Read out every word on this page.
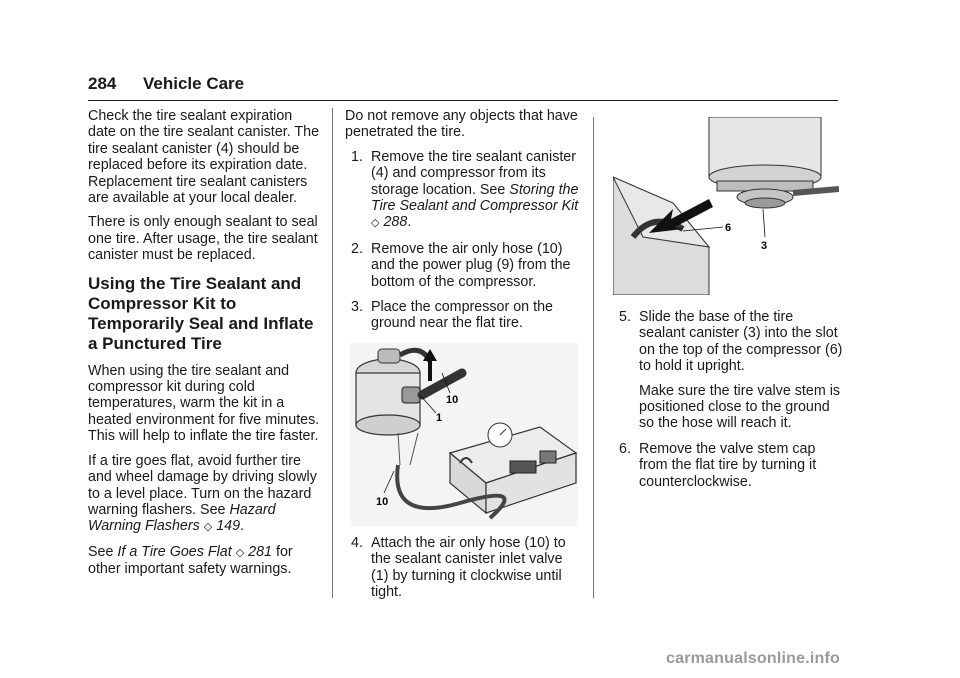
284 Vehicle Care

Check the tire sealant expiration date on the tire sealant canister. The tire sealant canister (4) should be replaced before its expiration date. Replacement tire sealant canisters are available at your local dealer.

There is only enough sealant to seal one tire. After usage, the tire sealant canister must be replaced.

Using the Tire Sealant and Compressor Kit to Temporarily Seal and Inflate a Punctured Tire

When using the tire sealant and compressor kit during cold temperatures, warm the kit in a heated environment for five minutes. This will help to inflate the tire faster.

If a tire goes flat, avoid further tire and wheel damage by driving slowly to a level place. Turn on the hazard warning flashers. See Hazard Warning Flashers ◇ 149.

See If a Tire Goes Flat ◇ 281 for other important safety warnings.

Do not remove any objects that have penetrated the tire.

1. Remove the tire sealant canister (4) and compressor from its storage location. See Storing the Tire Sealant and Compressor Kit ◇ 288.
2. Remove the air only hose (10) and the power plug (9) from the bottom of the compressor.
3. Place the compressor on the ground near the flat tire.
10
1
10
4. Attach the air only hose (10) to the sealant canister inlet valve (1) by turning it clockwise until tight.
6
3
5. Slide the base of the tire sealant canister (3) into the slot on the top of the compressor (6) to hold it upright.

Make sure the tire valve stem is positioned close to the ground so the hose will reach it.

6. Remove the valve stem cap from the flat tire by turning it counterclockwise.
carmanualsonline.info
